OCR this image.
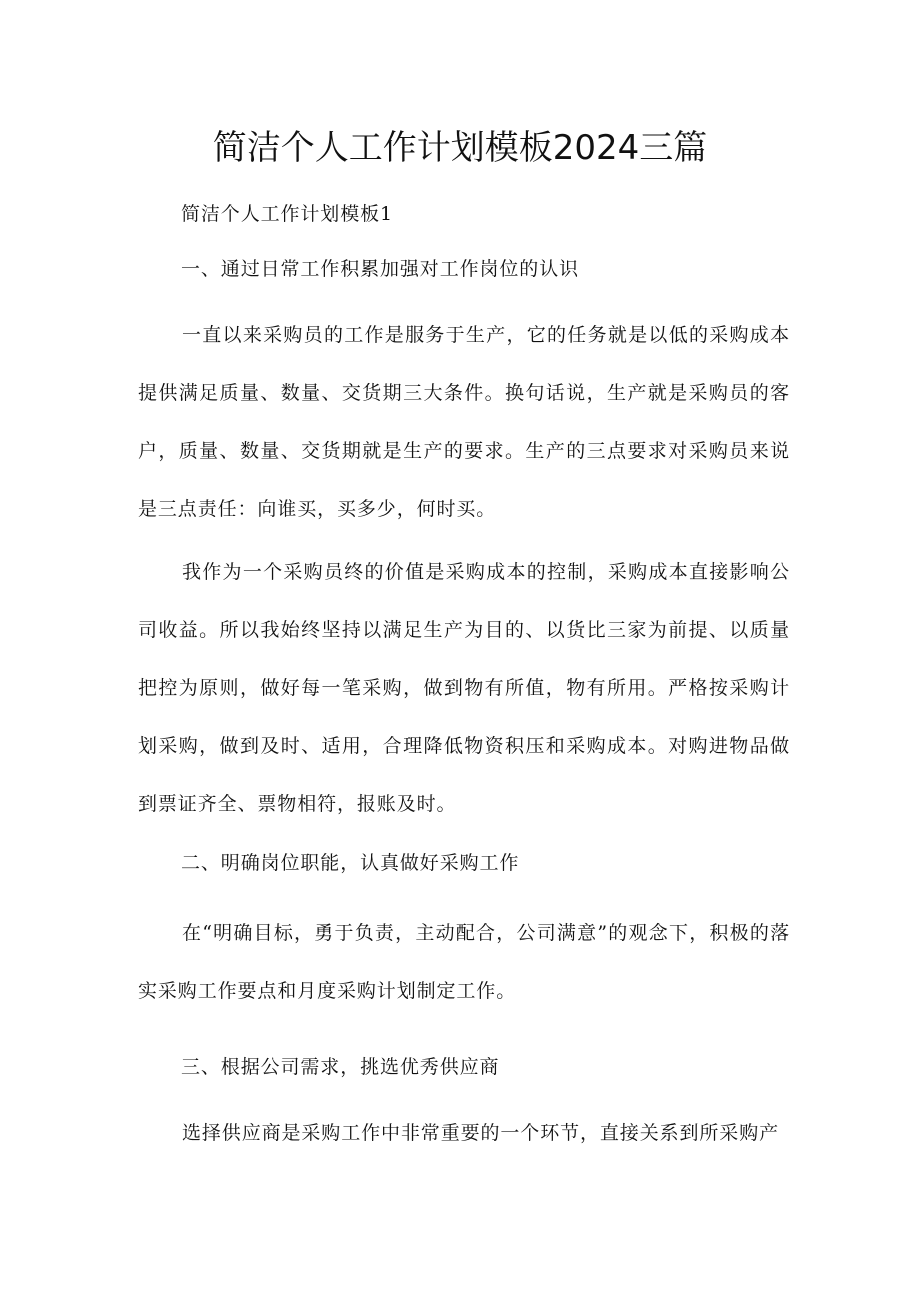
简洁个人工作计划模板2024三篇

简洁个人工作计划模板1

一、通过日常工作积累加强对工作岗位的认识

一直以来采购员的工作是服务于生产，它的任务就是以低的采购成本提供满足质量、数量、交货期三大条件。换句话说，生产就是采购员的客户，质量、数量、交货期就是生产的要求。生产的三点要求对采购员来说是三点责任：向谁买，买多少，何时买。

我作为一个采购员终的价值是采购成本的控制，采购成本直接影响公司收益。所以我始终坚持以满足生产为目的、以货比三家为前提、以质量把控为原则，做好每一笔采购，做到物有所值，物有所用。严格按采购计划采购，做到及时、适用，合理降低物资积压和采购成本。对购进物品做到票证齐全、票物相符，报账及时。

二、明确岗位职能，认真做好采购工作

在“明确目标，勇于负责，主动配合，公司满意”的观念下，积极的落实采购工作要点和月度采购计划制定工作。

三、根据公司需求，挑选优秀供应商

选择供应商是采购工作中非常重要的一个环节，直接关系到所采购产
